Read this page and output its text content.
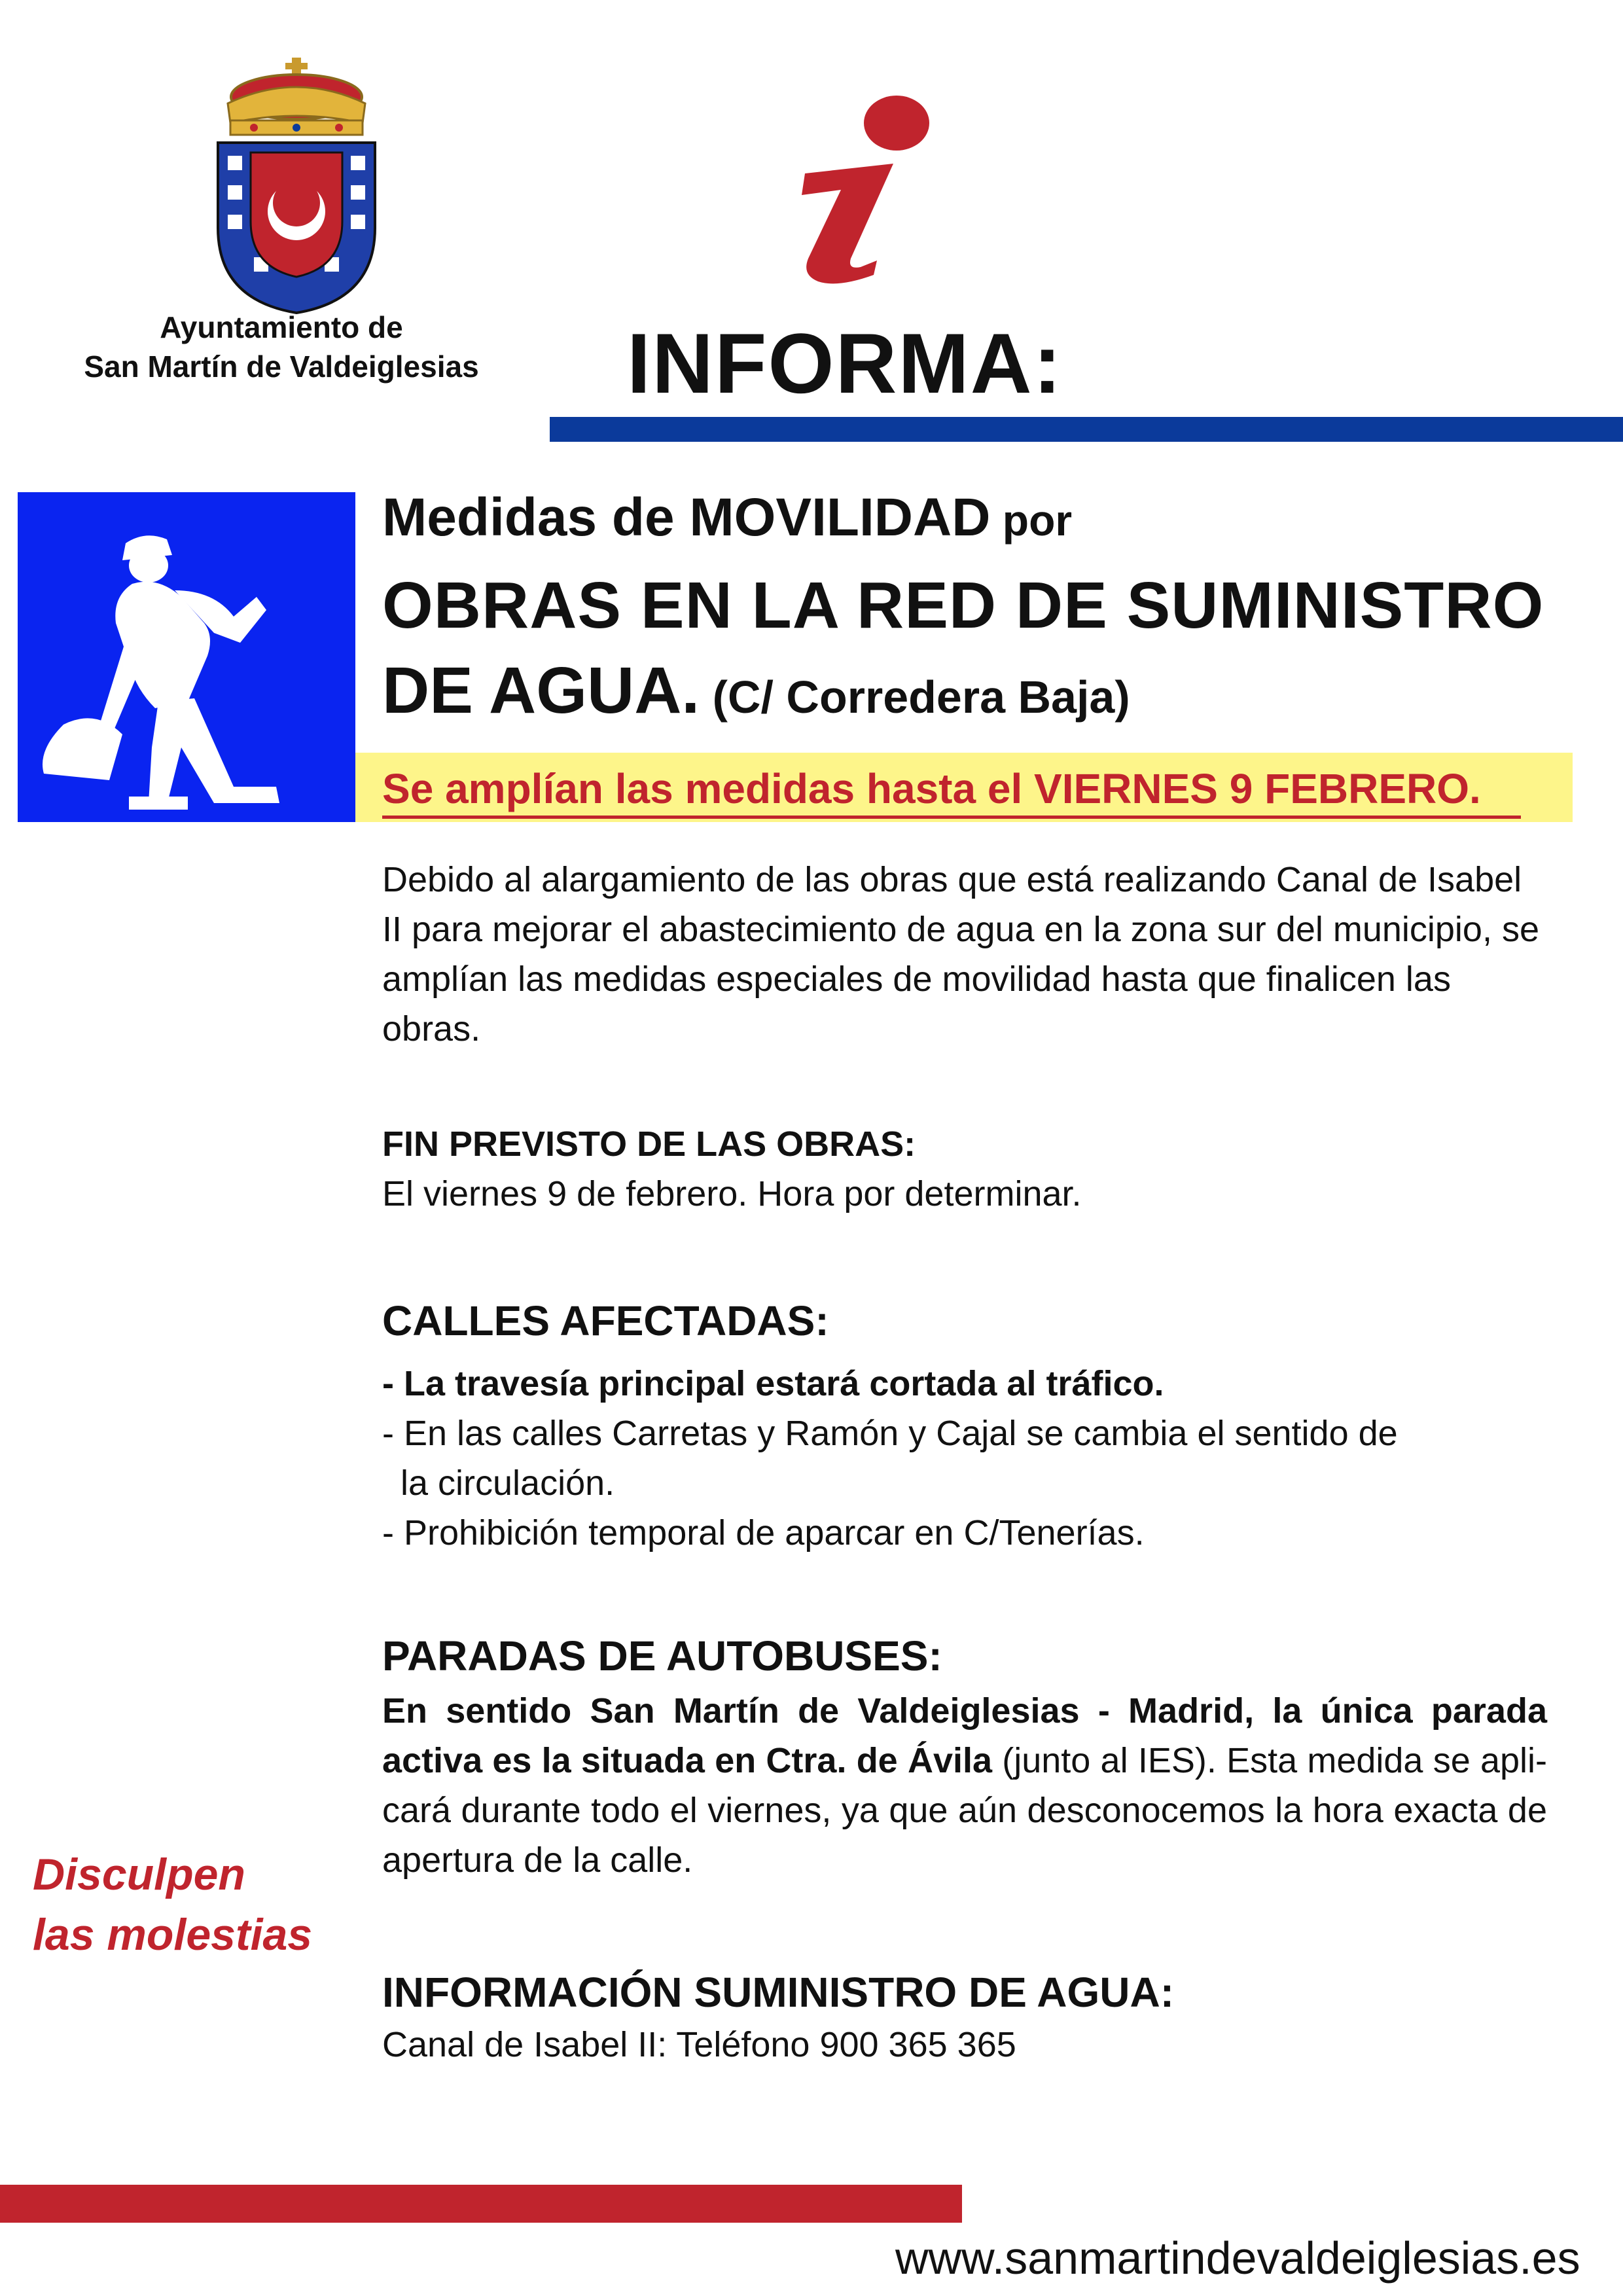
Ayuntamiento de
San Martín de Valdeiglesias	INFORMA:
Medidas de MOVILIDAD por
OBRAS EN LA RED DE SUMINISTRO
DE AGUA. (C/ Corredera Baja)
Se amplían las medidas hasta el VIERNES 9 FEBRERO.
Debido al alargamiento de las obras que está realizando Canal de Isabel II para mejorar el abastecimiento de agua en la zona sur del municipio, se amplían las medidas especiales de movilidad hasta que finalicen las obras.
FIN PREVISTO DE LAS OBRAS:
El viernes 9 de febrero. Hora por determinar.
CALLES AFECTADAS:
- La travesía principal estará cortada al tráfico.
- En las calles Carretas y Ramón y Cajal se cambia el sentido de
la circulación.
- Prohibición temporal de aparcar en C/Tenerías.
PARADAS DE AUTOBUSES:
En sentido San Martín de Valdeiglesias - Madrid, la única parada activa es la situada en Ctra. de Ávila (junto al IES). Esta medida se apli-cará durante todo el viernes, ya que aún desconocemos la hora exacta de apertura de la calle.
Disculpen
las molestias
INFORMACIÓN SUMINISTRO DE AGUA:
Canal de Isabel II: Teléfono 900 365 365
www.sanmartindevaldeiglesias.es
